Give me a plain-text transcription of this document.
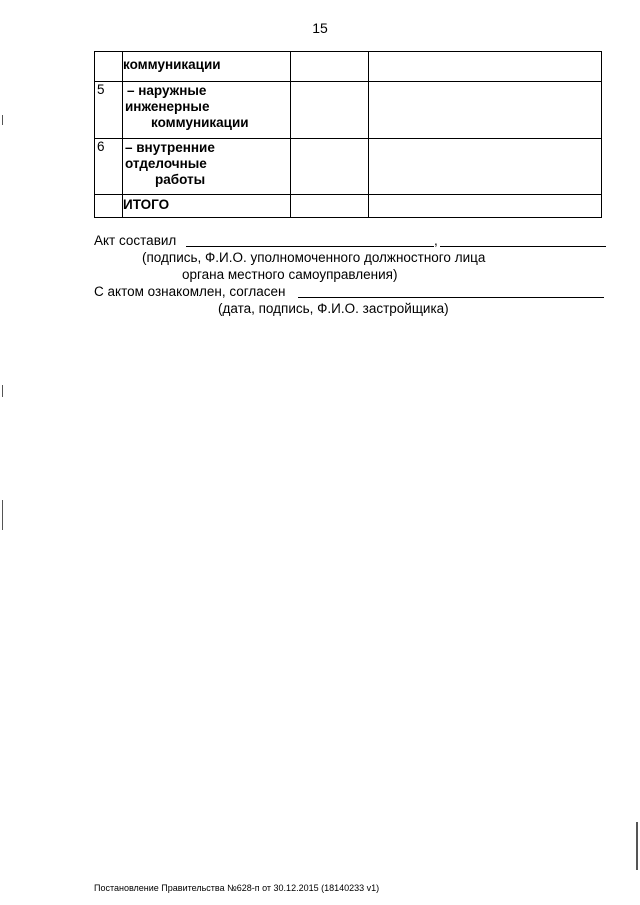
15

	коммуникации		

5	– наружные
инженерные
коммуникации		

6	– внутренние
отделочные
работы		

	ИТОГО		
Акт составил	,
(подпись, Ф.И.О. уполномоченного должностного лица
органа местного самоуправления)
С актом ознакомлен, согласен
(дата, подпись, Ф.И.О. застройщика)
Постановление Правительства №628-п от 30.12.2015 (18140233 v1)
